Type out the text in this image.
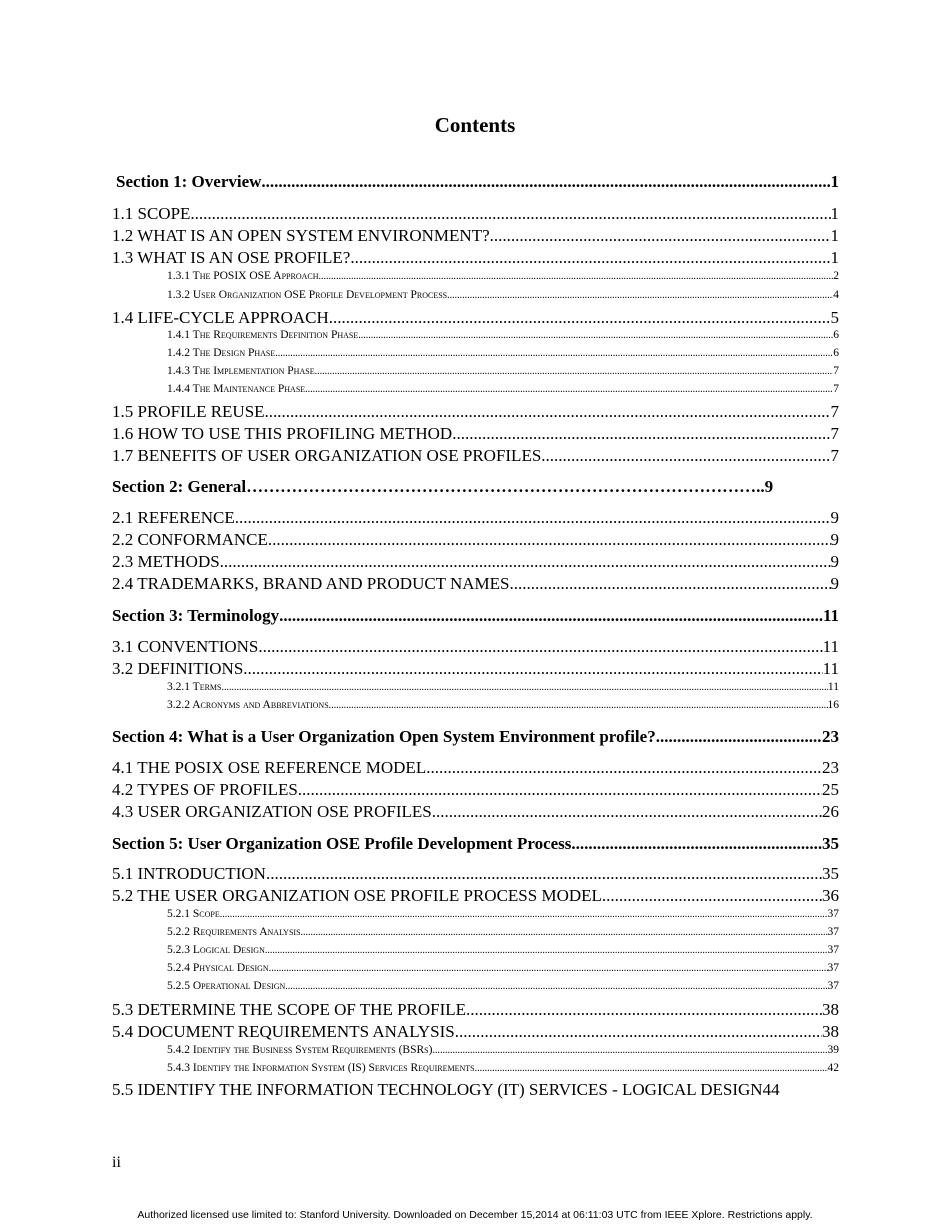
Contents
Section 1: Overview .....	1
1.1 SCOPE .....	1
1.2 WHAT IS AN OPEN SYSTEM ENVIRONMENT? .....	1
1.3 WHAT IS AN OSE PROFILE? .....	1
1.3.1 The POSIX OSE Approach .....	2
1.3.2 User Organization OSE Profile Development Process .....	4
1.4 LIFE-CYCLE APPROACH .....	5
1.4.1 The Requirements Definition Phase .....	6
1.4.2 The Design Phase .....	6
1.4.3 The Implementation Phase .....	7
1.4.4 The Maintenance Phase .....	7
1.5 PROFILE REUSE .....	7
1.6 HOW TO USE THIS PROFILING METHOD .....	7
1.7 BENEFITS OF USER ORGANIZATION OSE PROFILES .....	7
Section 2: General……………………………………………………………………………….. 9
2.1 REFERENCE .....	9
2.2 CONFORMANCE .....	9
2.3 METHODS .....	9
2.4 TRADEMARKS, BRAND AND PRODUCT NAMES .....	9
Section 3: Terminology .....	11
3.1 CONVENTIONS .....	11
3.2 DEFINITIONS .....	11
3.2.1 Terms .....	11
3.2.2 Acronyms and Abbreviations .....	16
Section 4: What is a User Organization Open System Environment profile? .....	23
4.1 THE POSIX OSE REFERENCE MODEL .....	23
4.2 TYPES OF PROFILES .....	25
4.3 USER ORGANIZATION OSE PROFILES .....	26
Section 5: User Organization OSE Profile Development Process .....	35
5.1 INTRODUCTION .....	35
5.2 THE USER ORGANIZATION OSE PROFILE PROCESS MODEL .....	36
5.2.1 Scope .....	37
5.2.2 Requirements Analysis .....	37
5.2.3 Logical Design .....	37
5.2.4 Physical Design .....	37
5.2.5 Operational Design .....	37
5.3 DETERMINE THE SCOPE OF THE PROFILE .....	38
5.4 DOCUMENT REQUIREMENTS ANALYSIS. .....	38
5.4.2 Identify the Business System Requirements (BSRs) .....	39
5.4.3 Identify the Information System (IS) Services Requirements .....	42
5.5 IDENTIFY THE INFORMATION TECHNOLOGY (IT) SERVICES - LOGICAL DESIGN 44
ii
Authorized licensed use limited to: Stanford University. Downloaded on December 15,2014 at 06:11:03 UTC from IEEE Xplore. Restrictions apply.
